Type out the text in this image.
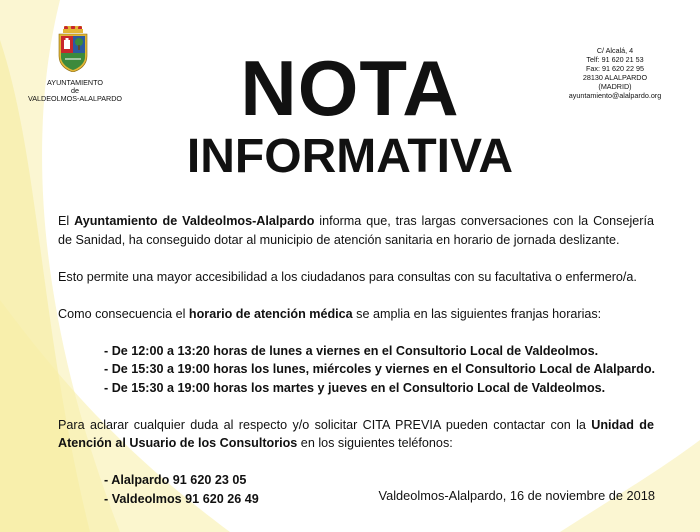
AYUNTAMIENTO
de
VALDEOLMOS-ALALPARDO
C/ Alcalá, 4
Telf: 91 620 21 53
Fax: 91 620 22 95
28130 ALALPARDO
(MADRID)
ayuntamiento@alalpardo.org
NOTA
INFORMATIVA

El Ayuntamiento de Valdeolmos-Alalpardo informa que, tras largas conversaciones con la Consejería de Sanidad, ha conseguido dotar al municipio de atención sanitaria en horario de jornada deslizante.

Esto permite una mayor accesibilidad a los ciudadanos para consultas con su facultativa o enfermero/a.

Como consecuencia el horario de atención médica se amplia en las siguientes franjas horarias:

- De 12:00 a 13:20 horas de lunes a viernes en el Consultorio Local de Valdeolmos.
- De 15:30 a 19:00 horas los lunes, miércoles y viernes en el Consultorio Local de Alalpardo.
- De 15:30 a 19:00 horas los martes y jueves en el Consultorio Local de Valdeolmos.

Para aclarar cualquier duda al respecto y/o solicitar CITA PREVIA pueden contactar con la Unidad de Atención al Usuario de los Consultorios en los siguientes teléfonos:

- Alalpardo 91 620 23 05
- Valdeolmos 91 620 26 49	Valdeolmos-Alalpardo, 16 de noviembre de 2018
